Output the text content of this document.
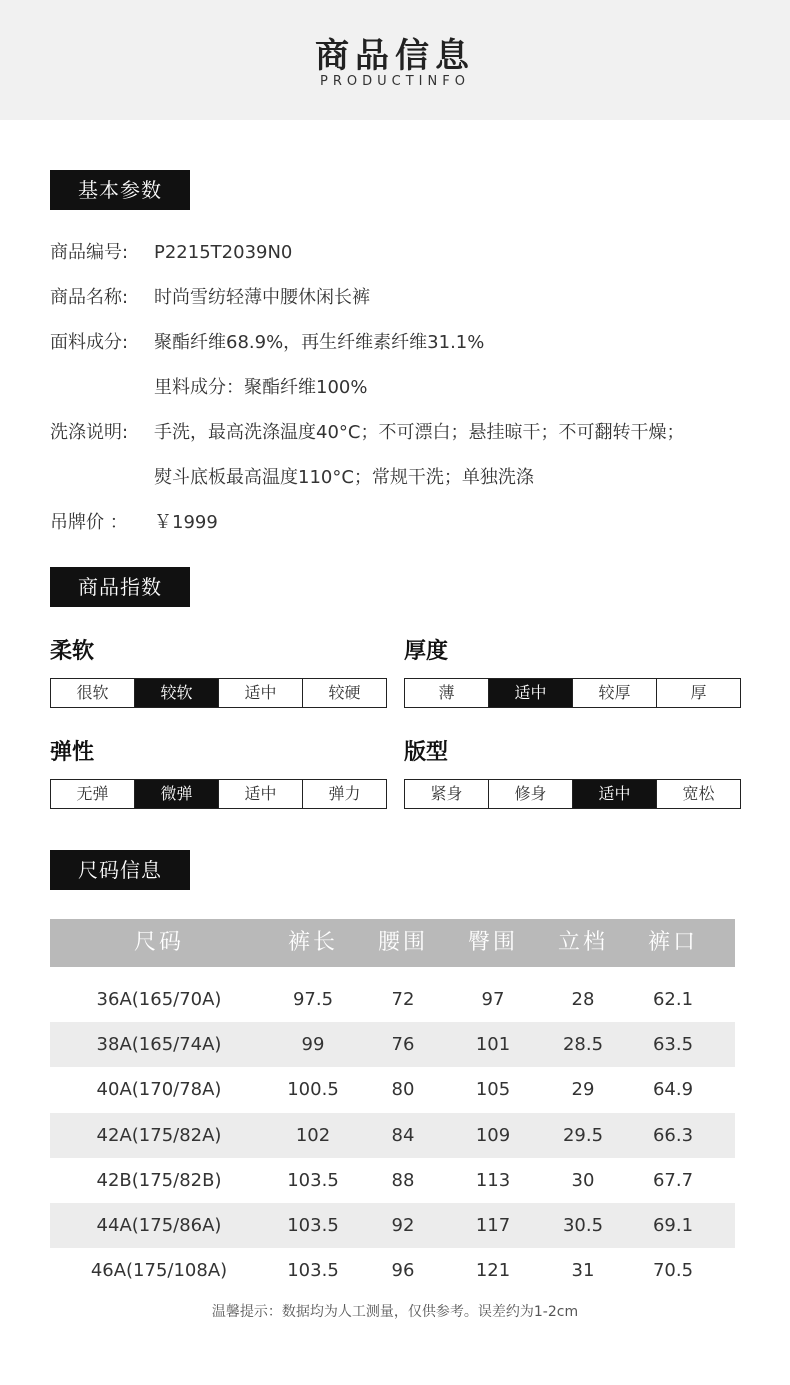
商品信息
PRODUCTINFO
基本参数
商品编号: P2215T2039N0
商品名称: 时尚雪纺轻薄中腰休闲长裤
面料成分: 聚酯纤维68.9%，再生纤维素纤维31.1%
里料成分：聚酯纤维100%
洗涤说明: 手洗，最高洗涤温度40°C；不可漂白；悬挂晾干；不可翻转干燥；
熨斗底板最高温度110°C；常规干洗；单独洗涤
吊牌价 ： ￥1999
商品指数
柔软
很软	较软	适中	较硬
厚度
薄	适中	较厚	厚
弹性
无弹	微弹	适中	弹力
版型
紧身	修身	适中	宽松
尺码信息
尺码	裤长	腰围	臀围	立档	裤口
36A(165/70A)	97.5	72	97	28	62.1
38A(165/74A)	99	76	101	28.5	63.5
40A(170/78A)	100.5	80	105	29	64.9
42A(175/82A)	102	84	109	29.5	66.3
42B(175/82B)	103.5	88	113	30	67.7
44A(175/86A)	103.5	92	117	30.5	69.1
46A(175/108A)	103.5	96	121	31	70.5
温馨提示：数据均为人工测量，仅供参考。误差约为1-2cm
